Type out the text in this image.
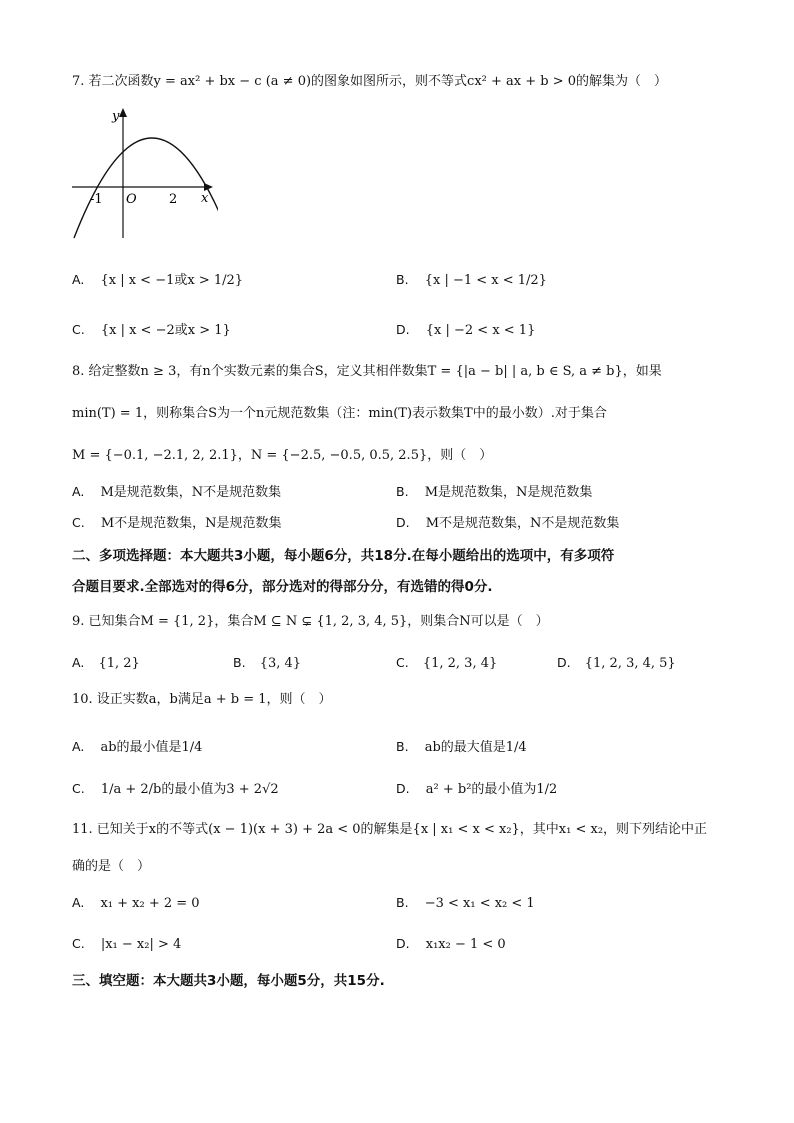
7. 若二次函数y = ax² + bx − c (a ≠ 0)的图象如图所示，则不等式cx² + ax + b > 0的解集为（　）
y
x
O
-1	2
A. {x | x < −1或x > 1/2}	B. {x | −1 < x < 1/2}
C. {x | x < −2或x > 1}	D. {x | −2 < x < 1}
8. 给定整数n ≥ 3，有n个实数元素的集合S，定义其相伴数集T = {|a − b| | a, b ∈ S, a ≠ b}，如果
min(T) = 1，则称集合S为一个n元规范数集（注：min(T)表示数集T中的最小数）.对于集合
M = {−0.1, −2.1, 2, 2.1}，N = {−2.5, −0.5, 0.5, 2.5}，则（　）
A. M是规范数集，N不是规范数集	B. M是规范数集，N是规范数集
C. M不是规范数集，N是规范数集	D. M不是规范数集，N不是规范数集
二、多项选择题：本大题共3小题，每小题6分，共18分.在每小题给出的选项中，有多项符
合题目要求.全部选对的得6分，部分选对的得部分分，有选错的得0分.
9. 已知集合M = {1, 2}，集合M ⊆ N ⊊ {1, 2, 3, 4, 5}，则集合N可以是（　）
A. {1, 2}	B. {3, 4}	C. {1, 2, 3, 4}	D. {1, 2, 3, 4, 5}
10. 设正实数a，b满足a + b = 1，则（　）
A. ab的最小值是1/4	B. ab的最大值是1/4
C. 1/a + 2/b的最小值为3 + 2√2	D. a² + b²的最小值为1/2
11. 已知关于x的不等式(x − 1)(x + 3) + 2a < 0的解集是{x | x₁ < x < x₂}，其中x₁ < x₂，则下列结论中正
确的是（　）
A. x₁ + x₂ + 2 = 0	B. −3 < x₁ < x₂ < 1
C. |x₁ − x₂| > 4	D. x₁x₂ − 1 < 0
三、填空题：本大题共3小题，每小题5分，共15分.
